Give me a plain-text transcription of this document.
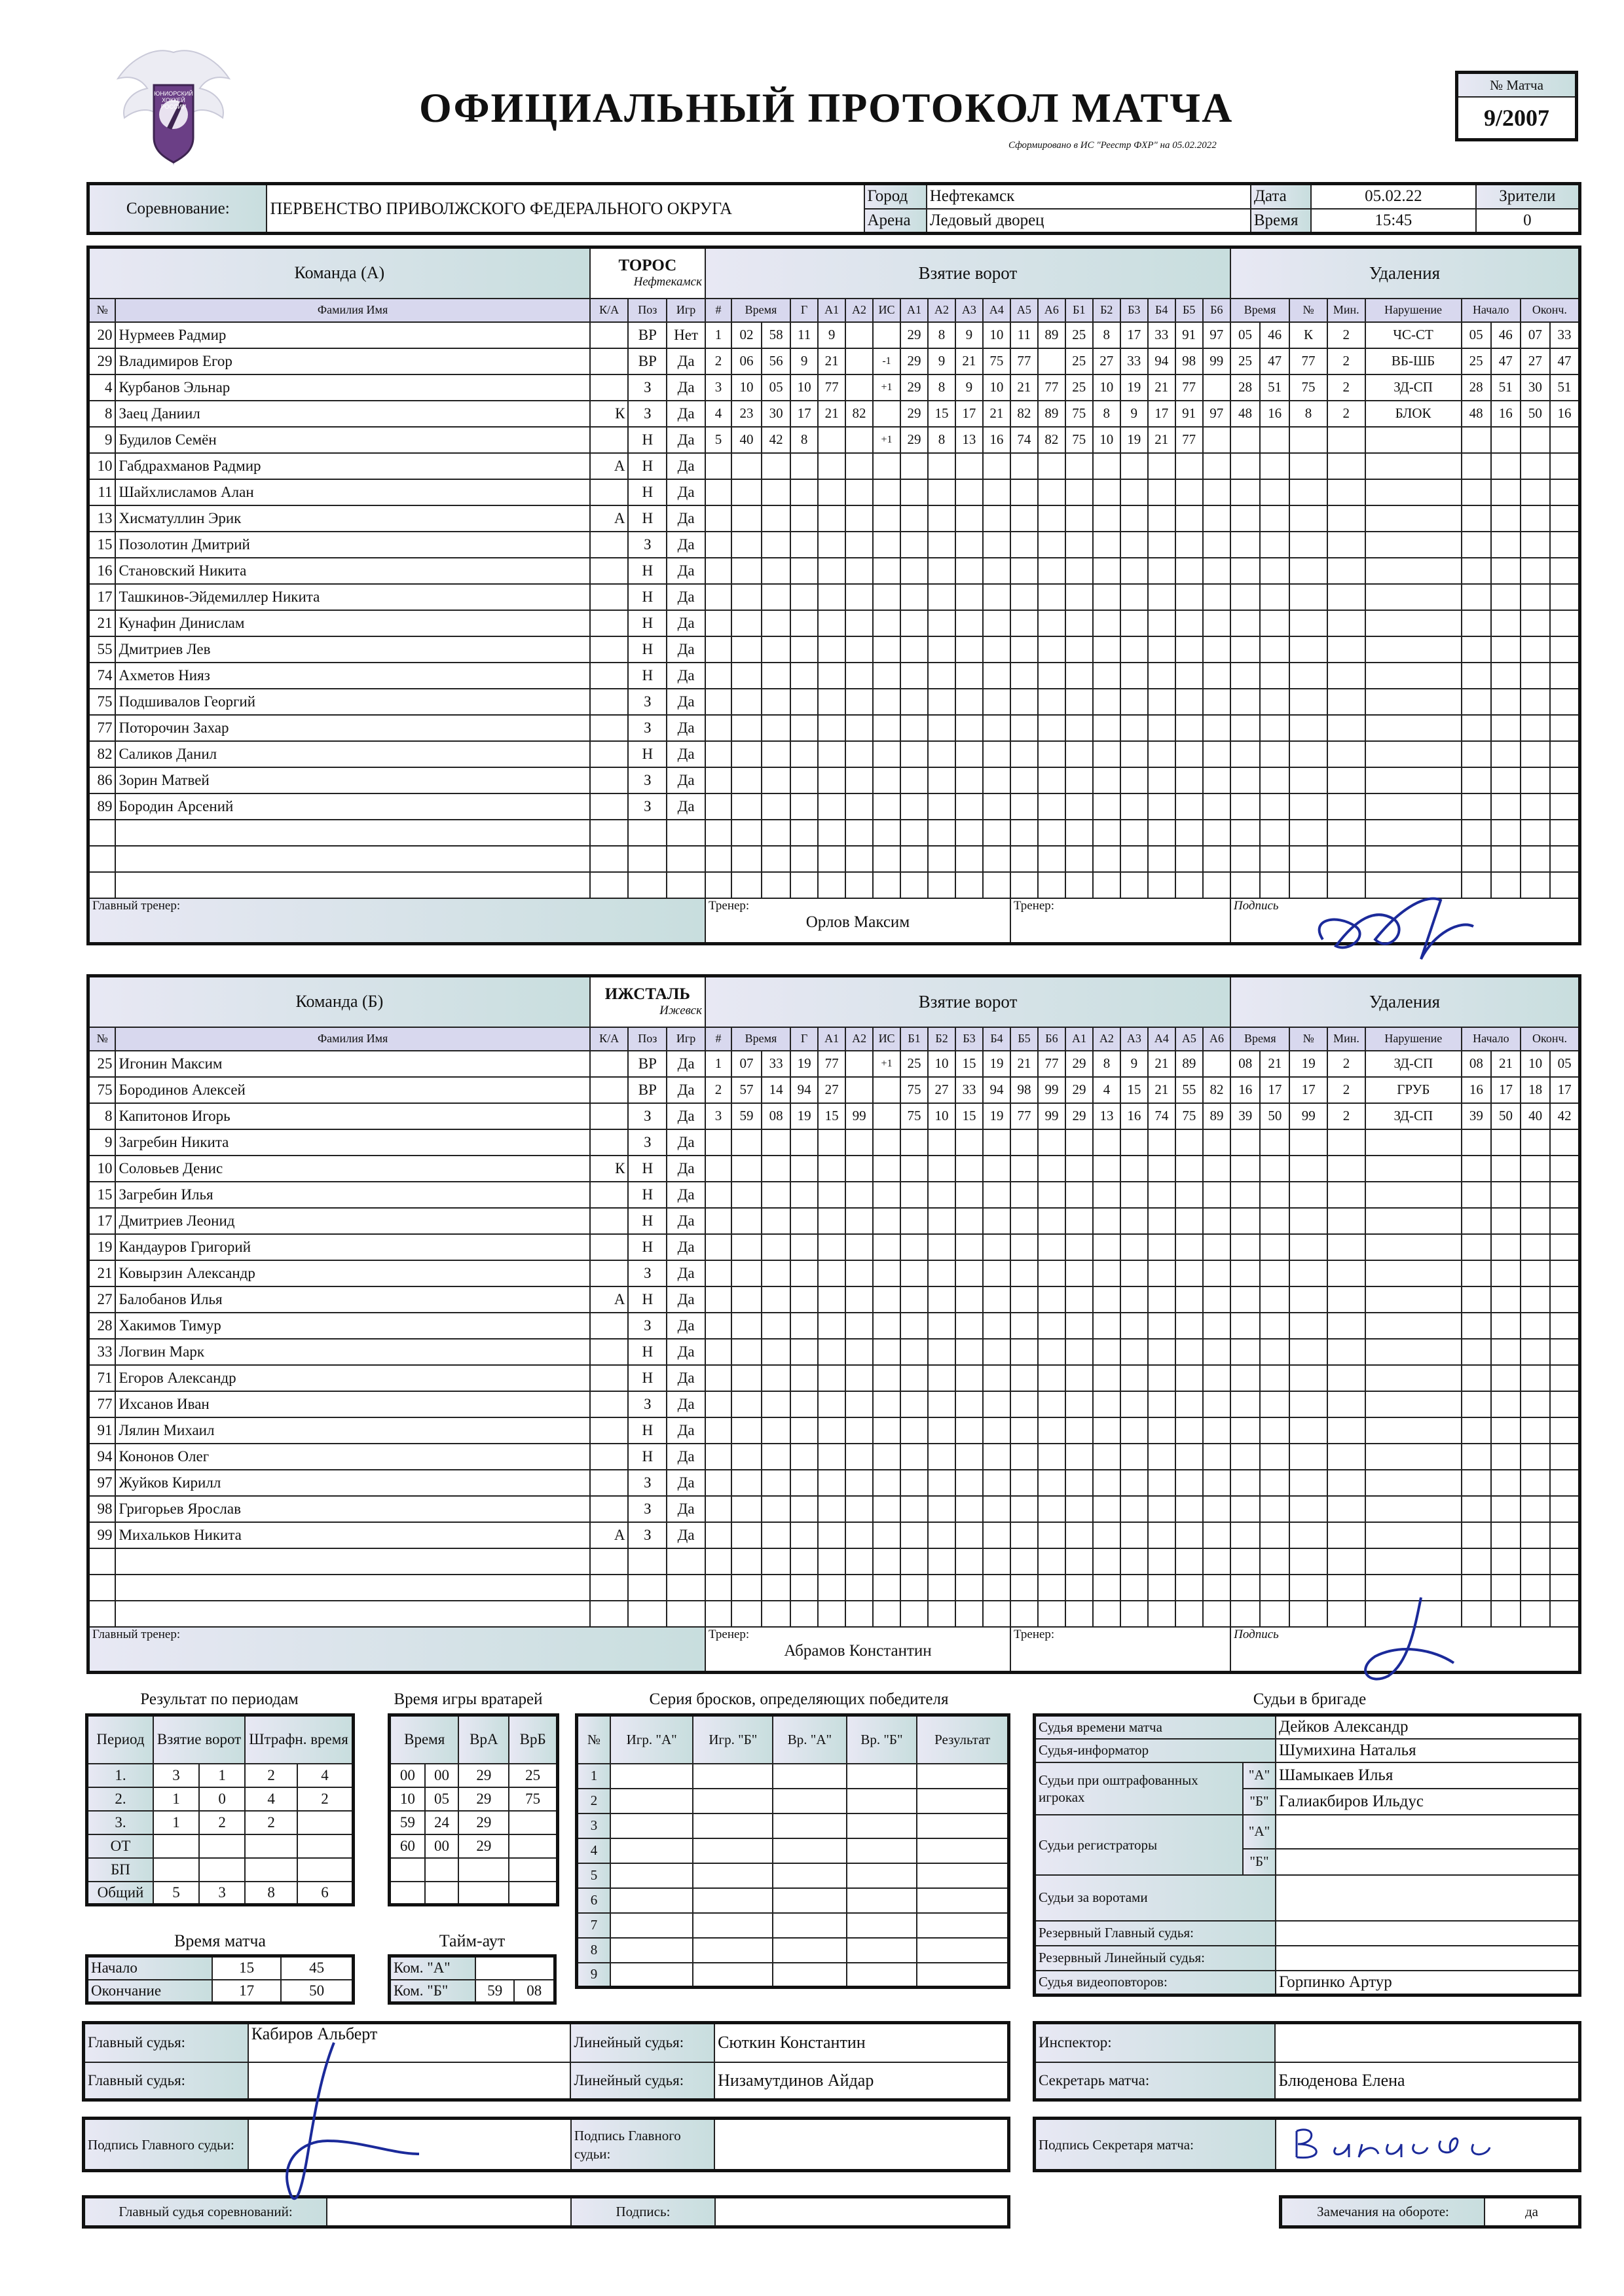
ЮНИОРСКИЙ ХОККЕЙ РОССИИ	ОФИЦИАЛЬНЫЙ ПРОТОКОЛ МАТЧА
Сформировано в ИС "Реестр ФХР" на 05.02.2022
№ Матча
9/2007
Соревнование:	ПЕРВЕНСТВО ПРИВОЛЖСКОГО ФЕДЕРАЛЬНОГО ОКРУГА	Город	Нефтекамск	Дата	05.02.22	Зрители
		Арена	Ледовый дворец	Время	15:45	0
Команда (А)		ТОРОС
Нефтекамск			Взятие ворот																			Удаления								
№	Фамилия Имя	К/А	Поз	Игр	#	Время		Г	А1	А2	ИС	А1	А2	А3	А4	А5	А6	Б1	Б2	Б3	Б4	Б5	Б6	Время		№	Мин.	Нарушение	Начало		Оконч.	
20	Нурмеев Радмир		ВР	Нет	1	02	58	11	9			29	8	9	10	11	89	25	8	17	33	91	97	05	46	К	2	ЧС-СТ	05	46	07	33
29	Владимиров Егор		ВР	Да	2	06	56	9	21		-1	29	9	21	75	77		25	27	33	94	98	99	25	47	77	2	ВБ-ШБ	25	47	27	47
4	Курбанов Эльнар		З	Да	3	10	05	10	77		+1	29	8	9	10	21	77	25	10	19	21	77		28	51	75	2	ЗД-СП	28	51	30	51
8	Заец Даниил	К	З	Да	4	23	30	17	21	82		29	15	17	21	82	89	75	8	9	17	91	97	48	16	8	2	БЛОК	48	16	50	16
9	Будилов Семён		Н	Да	5	40	42	8			+1	29	8	13	16	74	82	75	10	19	21	77										
10	Габдрахманов Радмир	А	Н	Да																												
11	Шайхлисламов Алан		Н	Да																												
13	Хисматуллин Эрик	А	Н	Да																												
15	Позолотин Дмитрий		З	Да																												
16	Становский Никита		Н	Да																												
17	Ташкинов-Эйдемиллер Никита		Н	Да																												
21	Кунафин Динислам		Н	Да																												
55	Дмитриев Лев		Н	Да																												
74	Ахметов Нияз		Н	Да																												
75	Подшивалов Георгий		З	Да																												
77	Поторочин Захар		З	Да																												
82	Саликов Данил		Н	Да																												
86	Зорин Матвей		З	Да																												
89	Бородин Арсений		З	Да																												

Главный тренер:					Тренер:
Орлов Максим											Тренер:								Подпись								
Команда (Б)		ИЖСТАЛЬ
Ижевск			Взятие ворот																			Удаления								
№	Фамилия Имя	К/А	Поз	Игр	#	Время		Г	А1	А2	ИС	Б1	Б2	Б3	Б4	Б5	Б6	А1	А2	А3	А4	А5	А6	Время		№	Мин.	Нарушение	Начало		Оконч.	
25	Игонин Максим		ВР	Да	1	07	33	19	77		+1	25	10	15	19	21	77	29	8	9	21	89		08	21	19	2	ЗД-СП	08	21	10	05
75	Бородинов Алексей		ВР	Да	2	57	14	94	27			75	27	33	94	98	99	29	4	15	21	55	82	16	17	17	2	ГРУБ	16	17	18	17
8	Капитонов Игорь		З	Да	3	59	08	19	15	99		75	10	15	19	77	99	29	13	16	74	75	89	39	50	99	2	ЗД-СП	39	50	40	42
9	Загребин Никита		З	Да																												
10	Соловьев Денис	К	Н	Да																												
15	Загребин Илья		Н	Да																												
17	Дмитриев Леонид		Н	Да																												
19	Кандауров Григорий		Н	Да																												
21	Ковырзин Александр		З	Да																												
27	Балобанов Илья	А	Н	Да																												
28	Хакимов Тимур		З	Да																												
33	Логвин Марк		Н	Да																												
71	Егоров Александр		Н	Да																												
77	Ихсанов Иван		З	Да																												
91	Лялин Михаил		Н	Да																												
94	Кононов Олег		Н	Да																												
97	Жуйков Кирилл		З	Да																												
98	Григорьев Ярослав		З	Да																												
99	Михальков Никита	А	З	Да																												

Главный тренер:					Тренер:
Абрамов Константин											Тренер:								Подпись								
Результат по периодам
Период	Взятие ворот		Штрафн. время	
1.	3	1	2	4
2.	1	0	4	2
3.	1	2	2	
ОТ				
БП				
Общий	5	3	8	6
Время игры вратарей
Время		ВрА	ВрБ
00	00	29	25
10	05	29	75
59	24	29	
60	00	29	

Время матча
Начало	15	45
Окончание	17	50
Тайм-аут
Ком. "А"		
Ком. "Б"	59	08
Серия бросков, определяющих победителя
№	Игр. "А"	Игр. "Б"	Вр. "А"	Вр. "Б"	Результат
1					
2					
3					
4					
5					
6					
7					
8					
9					
Судьи в бригаде
Судья времени матча		Дейков Александр
Судья-информатор		Шумихина Наталья
Судьи при оштрафованных игроках	"А"	Шамыкаев Илья
	"Б"	Галиакбиров Ильдус
Судьи регистраторы	"А"	
	"Б"	
Судьи за воротами		
Резервный Главный судья:		
Резервный Линейный судья:		
Судья видеоповторов:		Горпинко Артур
Главный судья:	Кабиров Альберт	Линейный судья:	Сюткин Константин
Главный судья:		Линейный судья:	Низамутдинов Айдар
Инспектор:	
Секретарь матча:	Блюденова Елена
Подпись Главного судьи:		Подпись Главного судьи:	
Подпись Секретаря матча:	
Главный судья соревнований:		Подпись:		Замечания на обороте:	да
